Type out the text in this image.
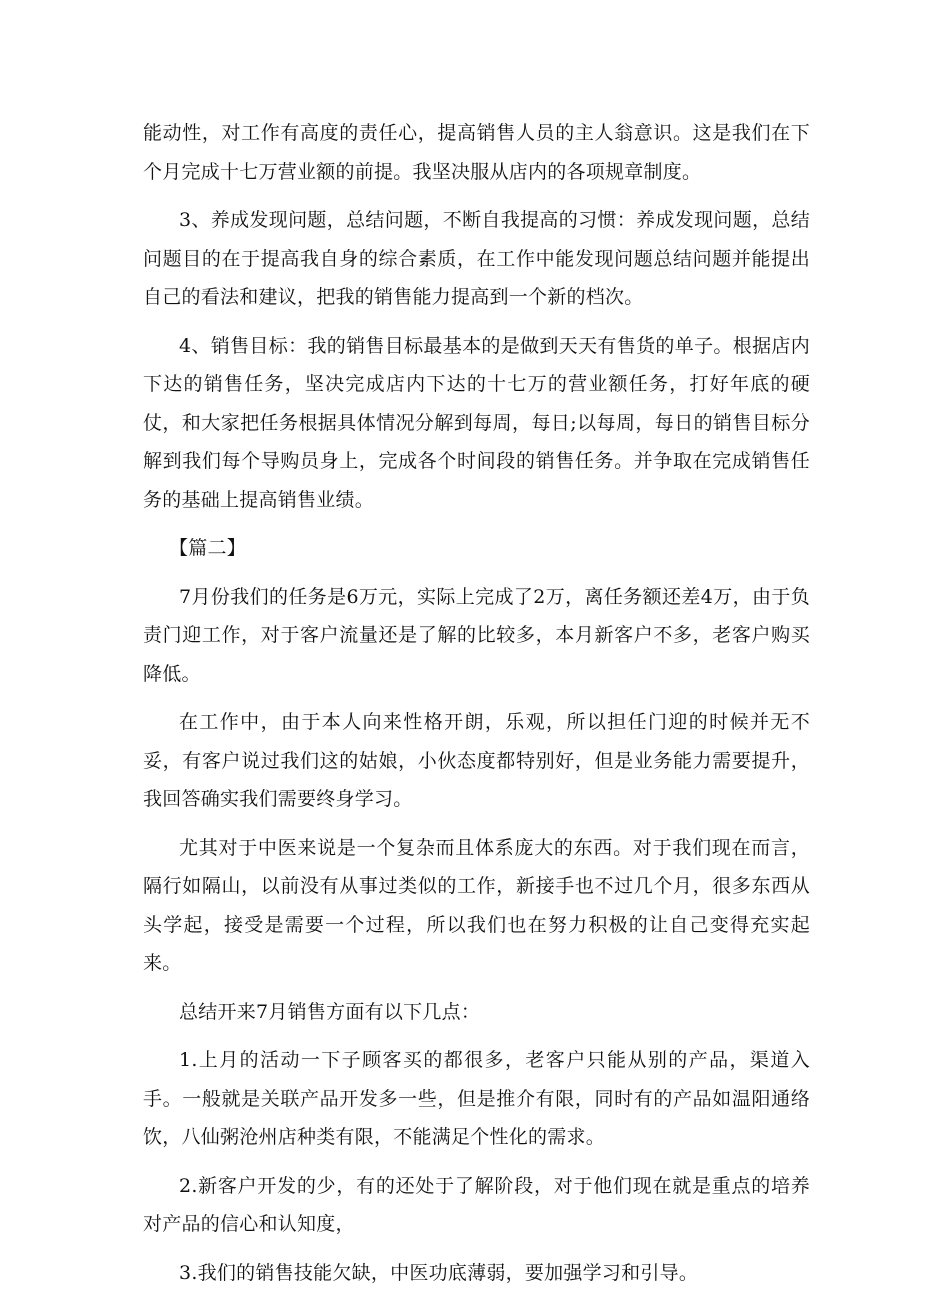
能动性，对工作有高度的责任心，提高销售人员的主人翁意识。这是我们在下个月完成十七万营业额的前提。我坚决服从店内的各项规章制度。

3、养成发现问题，总结问题，不断自我提高的习惯：养成发现问题，总结问题目的在于提高我自身的综合素质，在工作中能发现问题总结问题并能提出自己的看法和建议，把我的销售能力提高到一个新的档次。

4、销售目标：我的销售目标最基本的是做到天天有售货的单子。根据店内下达的销售任务，坚决完成店内下达的十七万的营业额任务，打好年底的硬仗，和大家把任务根据具体情况分解到每周，每日;以每周，每日的销售目标分解到我们每个导购员身上，完成各个时间段的销售任务。并争取在完成销售任务的基础上提高销售业绩。

【篇二】

7月份我们的任务是6万元，实际上完成了2万，离任务额还差4万，由于负责门迎工作，对于客户流量还是了解的比较多，本月新客户不多，老客户购买降低。

在工作中，由于本人向来性格开朗，乐观，所以担任门迎的时候并无不妥，有客户说过我们这的姑娘，小伙态度都特别好，但是业务能力需要提升，我回答确实我们需要终身学习。

尤其对于中医来说是一个复杂而且体系庞大的东西。对于我们现在而言，隔行如隔山，以前没有从事过类似的工作，新接手也不过几个月，很多东西从头学起，接受是需要一个过程，所以我们也在努力积极的让自己变得充实起来。

总结开来7月销售方面有以下几点：

1.上月的活动一下子顾客买的都很多，老客户只能从别的产品，渠道入手。一般就是关联产品开发多一些，但是推介有限，同时有的产品如温阳通络饮，八仙粥沧州店种类有限，不能满足个性化的需求。

2.新客户开发的少，有的还处于了解阶段，对于他们现在就是重点的培养对产品的信心和认知度，

3.我们的销售技能欠缺，中医功底薄弱，要加强学习和引导。
